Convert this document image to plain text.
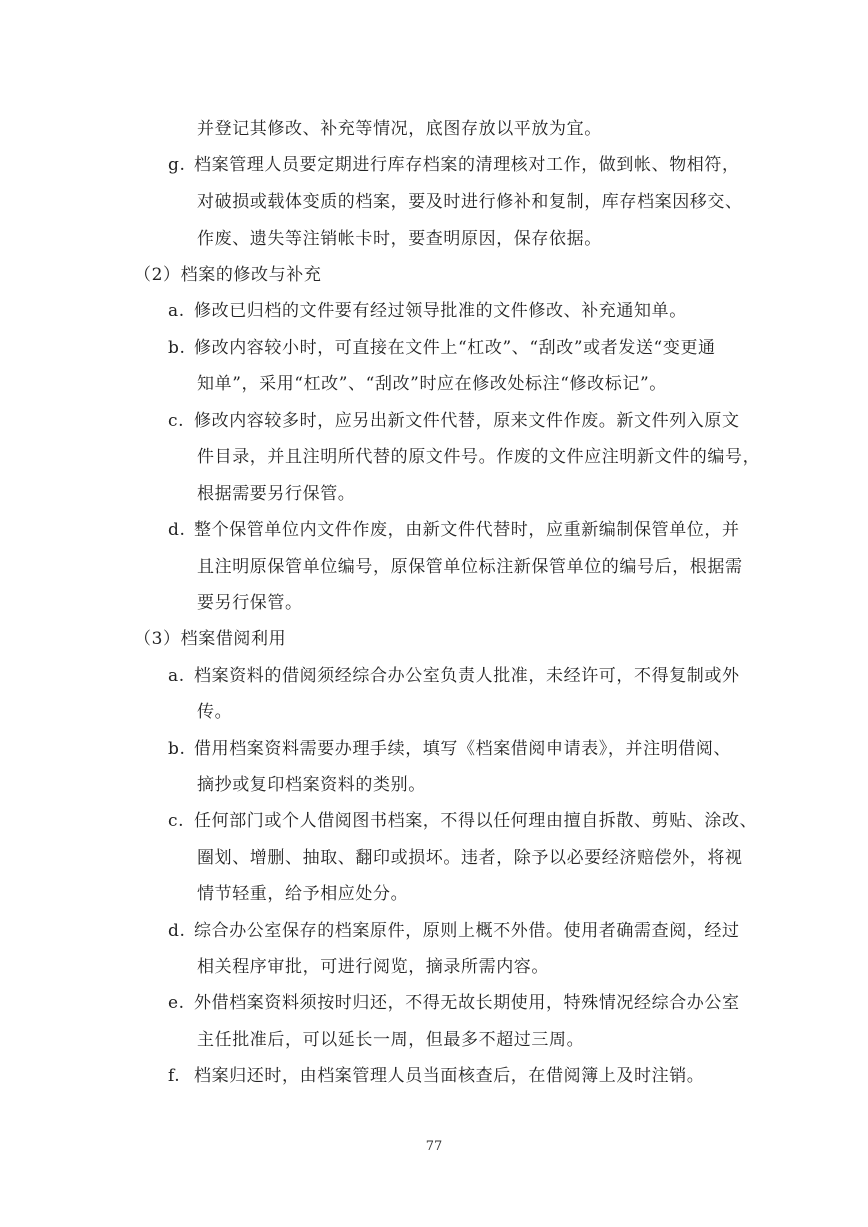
并登记其修改、补充等情况，底图存放以平放为宜。
g. 档案管理人员要定期进行库存档案的清理核对工作，做到帐、物相符，
对破损或载体变质的档案，要及时进行修补和复制，库存档案因移交、
作废、遗失等注销帐卡时，要查明原因，保存依据。
（2）档案的修改与补充
a. 修改已归档的文件要有经过领导批准的文件修改、补充通知单。
b. 修改内容较小时，可直接在文件上“杠改”、“刮改”或者发送“变更通
知单”，采用“杠改”、“刮改”时应在修改处标注“修改标记”。
c. 修改内容较多时，应另出新文件代替，原来文件作废。新文件列入原文
件目录，并且注明所代替的原文件号。作废的文件应注明新文件的编号，
根据需要另行保管。
d. 整个保管单位内文件作废，由新文件代替时，应重新编制保管单位，并
且注明原保管单位编号，原保管单位标注新保管单位的编号后，根据需
要另行保管。
（3）档案借阅利用
a. 档案资料的借阅须经综合办公室负责人批准，未经许可，不得复制或外
传。
b. 借用档案资料需要办理手续，填写《档案借阅申请表》，并注明借阅、
摘抄或复印档案资料的类别。
c. 任何部门或个人借阅图书档案，不得以任何理由擅自拆散、剪贴、涂改、
圈划、增删、抽取、翻印或损坏。违者，除予以必要经济赔偿外，将视
情节轻重，给予相应处分。
d. 综合办公室保存的档案原件，原则上概不外借。使用者确需查阅，经过
相关程序审批，可进行阅览，摘录所需内容。
e. 外借档案资料须按时归还，不得无故长期使用，特殊情况经综合办公室
主任批准后，可以延长一周，但最多不超过三周。
f. 档案归还时，由档案管理人员当面核查后，在借阅簿上及时注销。
77
